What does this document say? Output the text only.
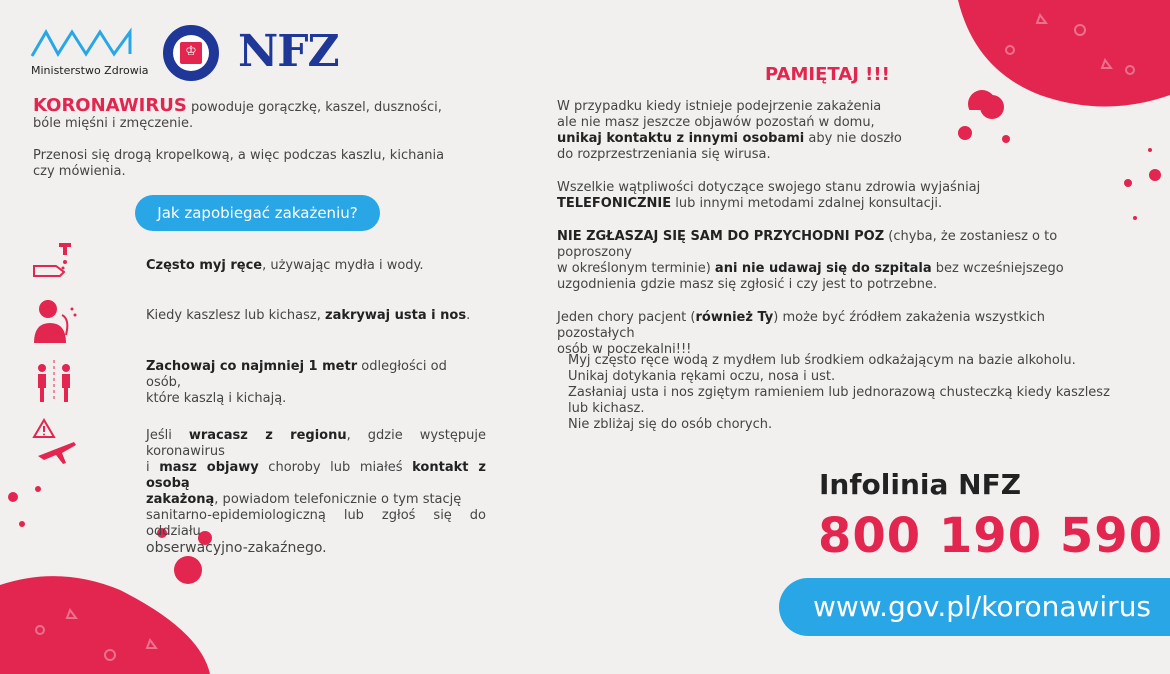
Ministerstwo Zdrowia
♔ NFZ
KORONAWIRUS powoduje gorączkę, kaszel, duszności,
bóle mięśni i zmęczenie.
Przenosi się drogą kropelkową, a więc podczas kaszlu, kichania
czy mówienia.
Jak zapobiegać zakażeniu?
Często myj ręce, używając mydła i wody.
Kiedy kaszlesz lub kichasz, zakrywaj usta i nos.
Zachowaj co najmniej 1 metr odległości od osób,
które kaszlą i kichają.
Jeśli wracasz z regionu, gdzie występuje koronawirus
i masz objawy choroby lub miałeś kontakt z osobą
zakażoną, powiadom telefonicznie o tym stację
sanitarno-epidemiologiczną lub zgłoś się do oddziału
obserwacyjno-zakaźnego.
PAMIĘTAJ !!!
W przypadku kiedy istnieje podejrzenie zakażenia
ale nie masz jeszcze objawów pozostań w domu,
unikaj kontaktu z innymi osobami aby nie doszło
do rozprzestrzeniania się wirusa.
Wszelkie wątpliwości dotyczące swojego stanu zdrowia wyjaśniaj
TELEFONICZNIE lub innymi metodami zdalnej konsultacji.
NIE ZGŁASZAJ SIĘ SAM DO PRZYCHODNI POZ (chyba, że zostaniesz o to poproszony
w określonym terminie) ani nie udawaj się do szpitala bez wcześniejszego
uzgodnienia gdzie masz się zgłosić i czy jest to potrzebne.
Jeden chory pacjent (również Ty) może być źródłem zakażenia wszystkich pozostałych
osób w poczekalni!!!
Myj często ręce wodą z mydłem lub środkiem odkażającym na bazie alkoholu.
Unikaj dotykania rękami oczu, nosa i ust.
Zasłaniaj usta i nos zgiętym ramieniem lub jednorazową chusteczką kiedy kaszlesz
lub kichasz.
Nie zbliżaj się do osób chorych.
Infolinia NFZ
800 190 590
www.gov.pl/koronawirus
